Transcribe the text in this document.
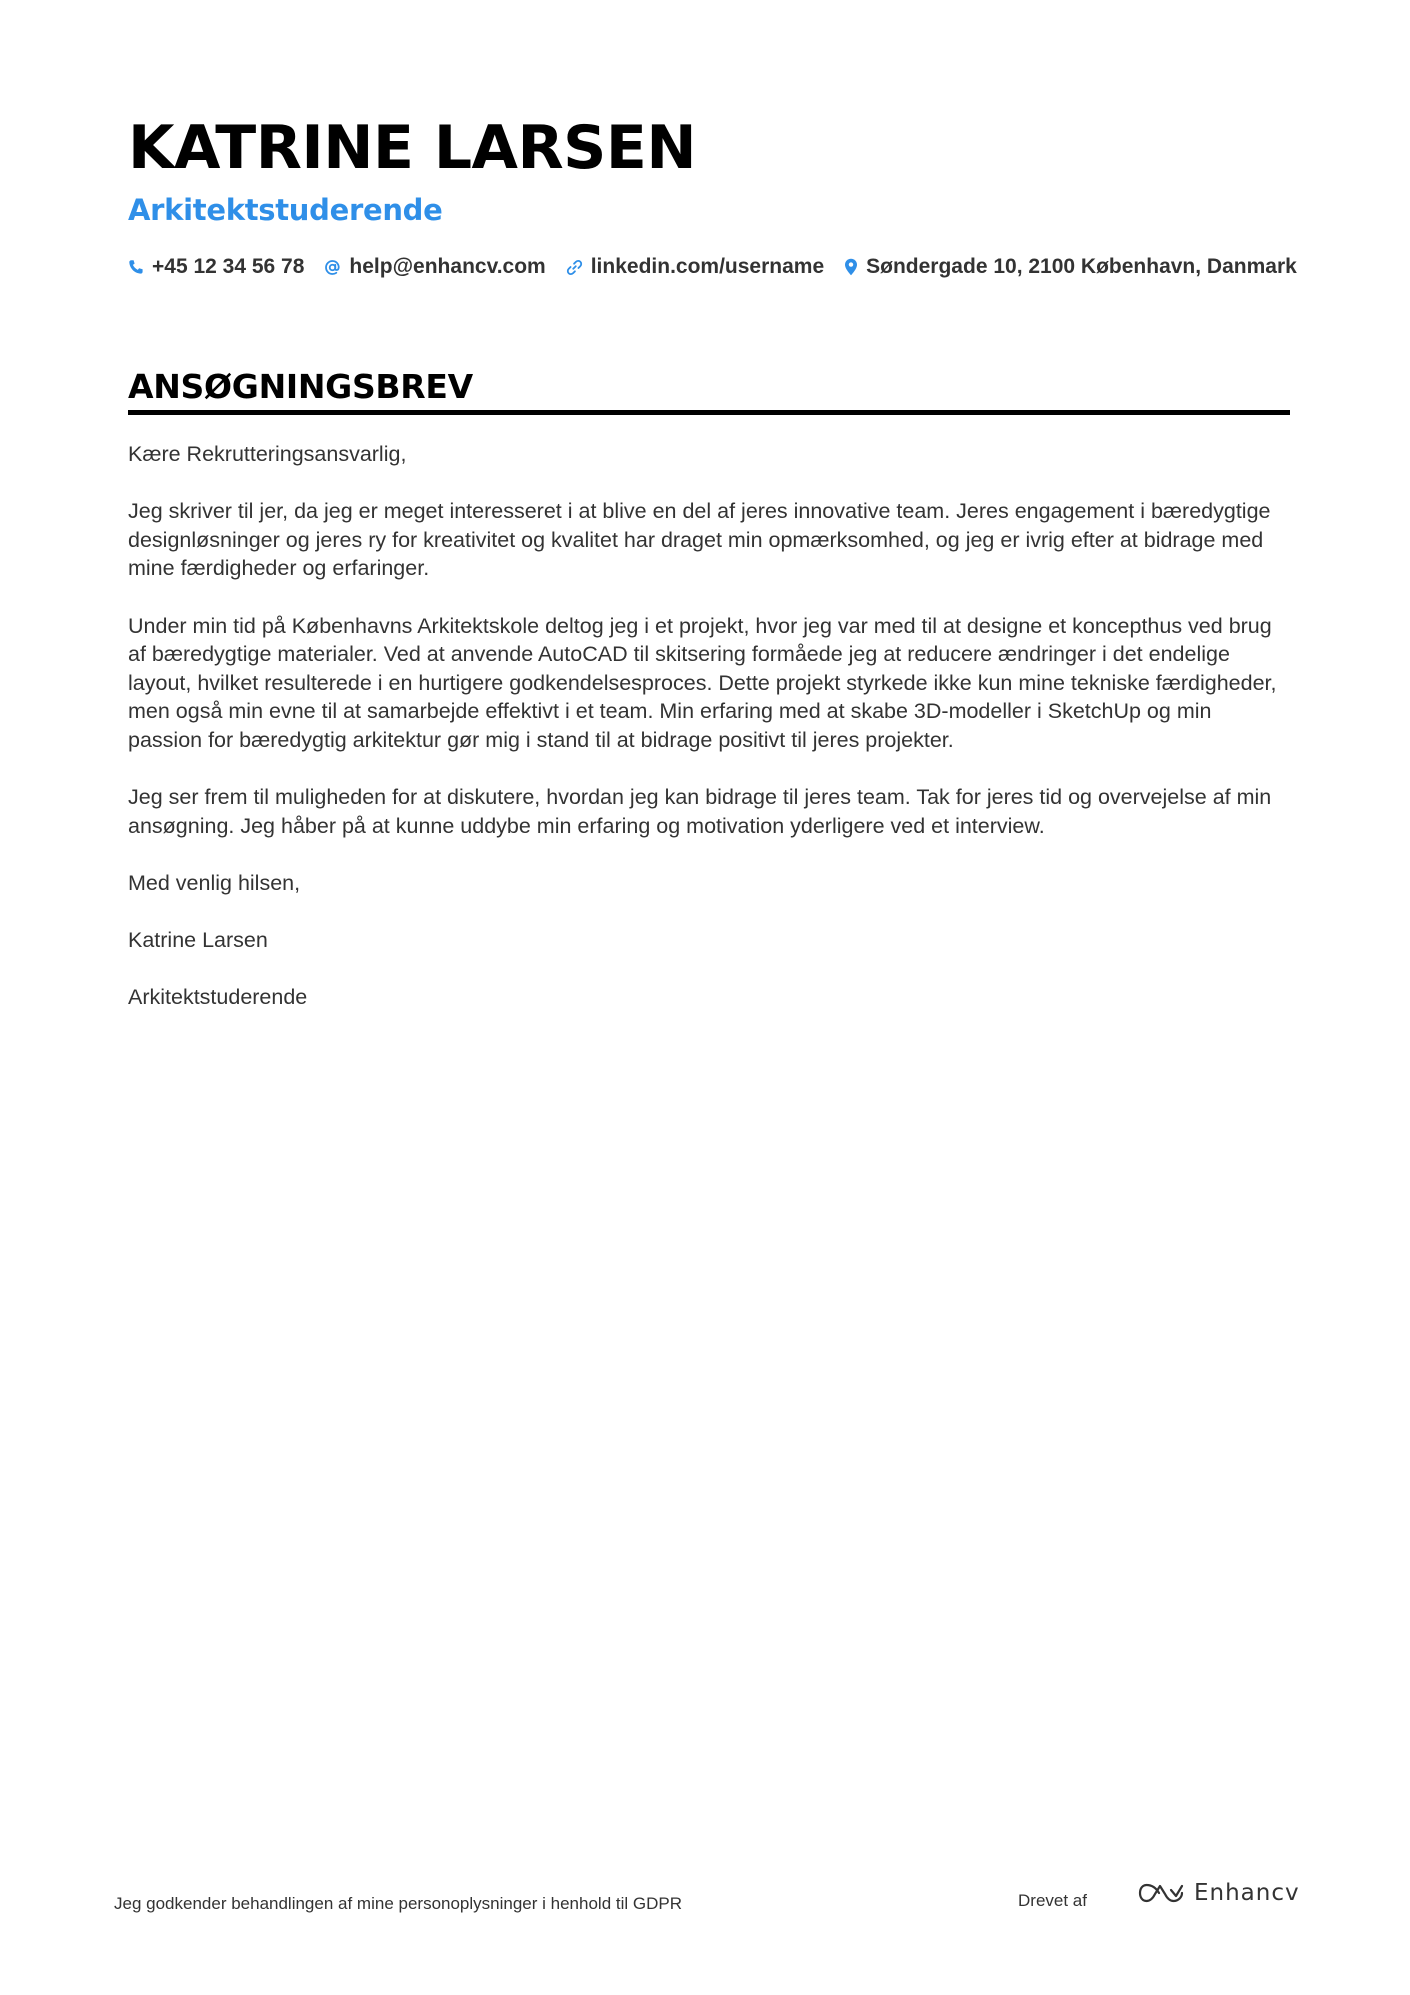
KATRINE LARSEN
Arkitektstuderende
+45 12 34 56 78 help@enhancv.com linkedin.com/username Søndergade 10, 2100 København, Danmark
ANSØGNINGSBREV

Kære Rekrutteringsansvarlig,

Jeg skriver til jer, da jeg er meget interesseret i at blive en del af jeres innovative team. Jeres engagement i bæredygtige designløsninger og jeres ry for kreativitet og kvalitet har draget min opmærksomhed, og jeg er ivrig efter at bidrage med mine færdigheder og erfaringer.

Under min tid på Københavns Arkitektskole deltog jeg i et projekt, hvor jeg var med til at designe et koncepthus ved brug af bæredygtige materialer. Ved at anvende AutoCAD til skitsering formåede jeg at reducere ændringer i det endelige layout, hvilket resulterede i en hurtigere godkendelsesproces. Dette projekt styrkede ikke kun mine tekniske færdigheder, men også min evne til at samarbejde effektivt i et team. Min erfaring med at skabe 3D-modeller i SketchUp og min passion for bæredygtig arkitektur gør mig i stand til at bidrage positivt til jeres projekter.

Jeg ser frem til muligheden for at diskutere, hvordan jeg kan bidrage til jeres team. Tak for jeres tid og overvejelse af min ansøgning. Jeg håber på at kunne uddybe min erfaring og motivation yderligere ved et interview.

Med venlig hilsen,

Katrine Larsen

Arkitektstuderende

Jeg godkender behandlingen af mine personoplysninger i henhold til GDPR	Drevet af	Enhancv
